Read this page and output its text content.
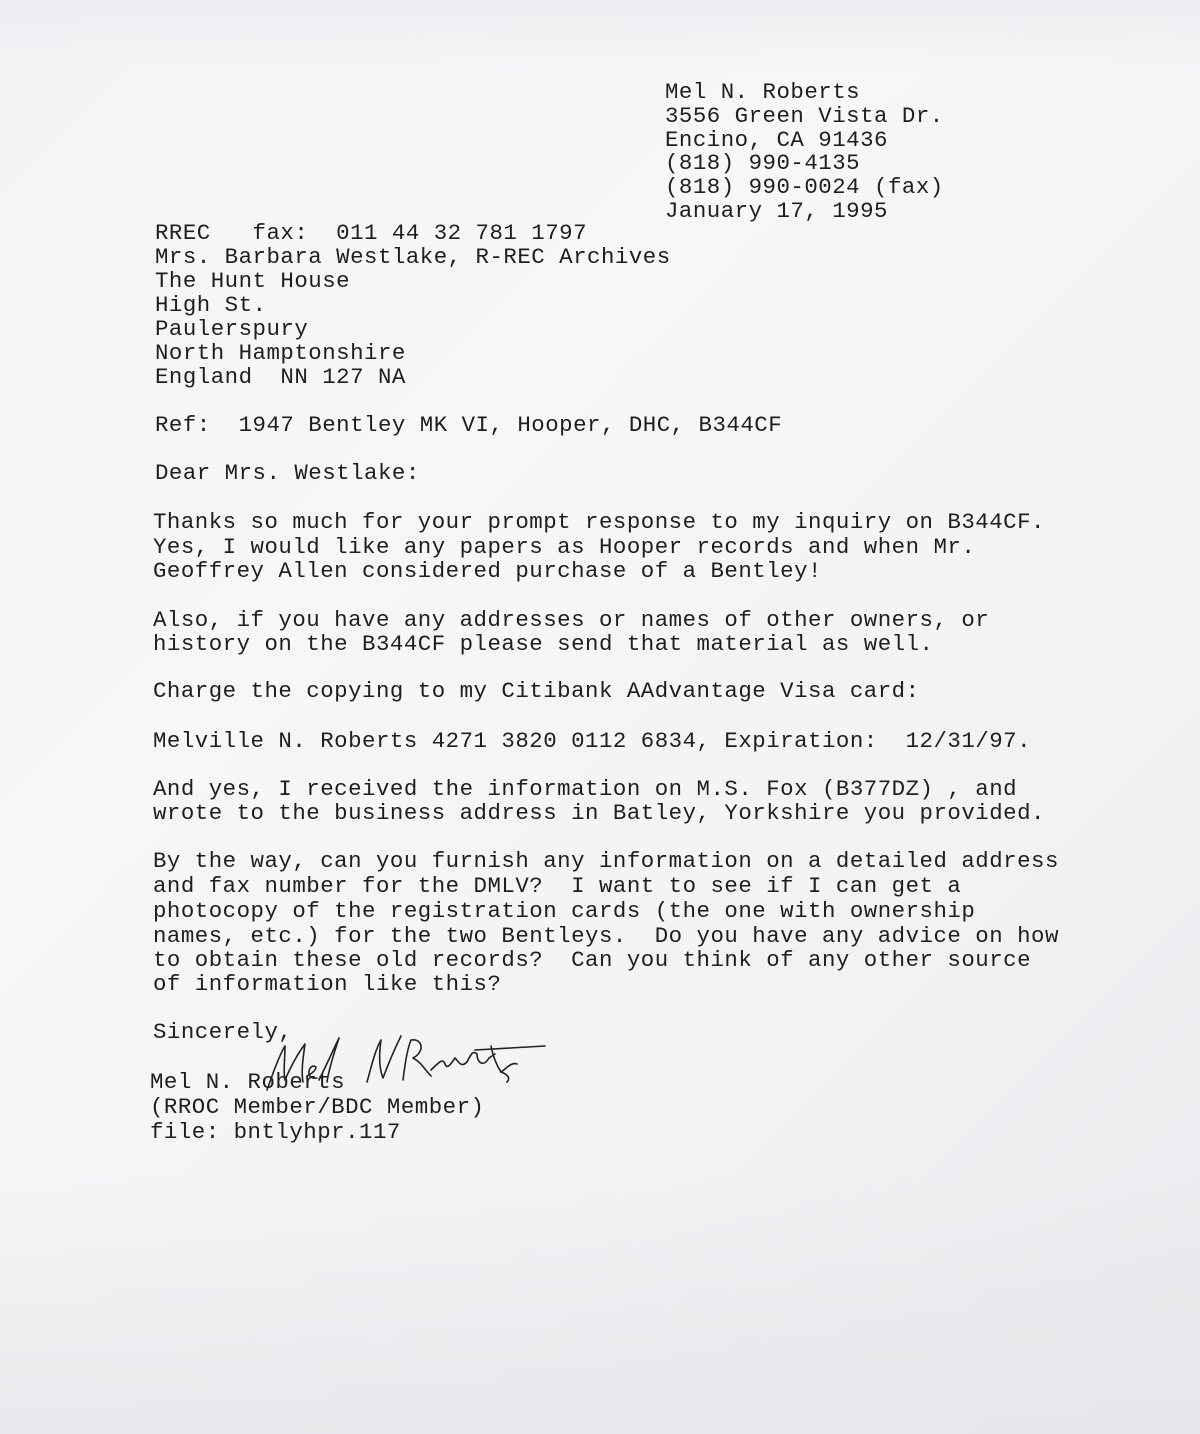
Mel N. Roberts
3556 Green Vista Dr.
Encino, CA 91436
(818) 990-4135
(818) 990-0024 (fax)
January 17, 1995
RREC   fax:  011 44 32 781 1797
Mrs. Barbara Westlake, R-REC Archives
The Hunt House
High St.
Paulerspury
North Hamptonshire
England  NN 127 NA
Ref:  1947 Bentley MK VI, Hooper, DHC, B344CF
Dear Mrs. Westlake:
Thanks so much for your prompt response to my inquiry on B344CF.
Yes, I would like any papers as Hooper records and when Mr.
Geoffrey Allen considered purchase of a Bentley!
Also, if you have any addresses or names of other owners, or
history on the B344CF please send that material as well.
Charge the copying to my Citibank AAdvantage Visa card:
Melville N. Roberts 4271 3820 0112 6834, Expiration:  12/31/97.
And yes, I received the information on M.S. Fox (B377DZ) , and
wrote to the business address in Batley, Yorkshire you provided.
By the way, can you furnish any information on a detailed address
and fax number for the DMLV?  I want to see if I can get a
photocopy of the registration cards (the one with ownership
names, etc.) for the two Bentleys.  Do you have any advice on how
to obtain these old records?  Can you think of any other source
of information like this?
Sincerely,
Mel N. Roberts
(RROC Member/BDC Member)
file: bntlyhpr.117
